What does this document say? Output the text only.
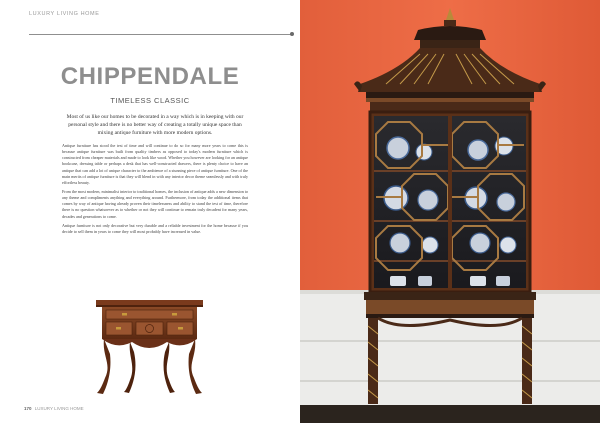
LUXURY LIVING HOME
CHIPPENDALE
TIMELESS CLASSIC
Most of us like our homes to be decorated in a way which is in keeping with our personal style and there is no better way of creating a totally unique space than mixing antique furniture with more modern options.

Antique furniture has stood the test of time and will continue to do so for many more years to come this is because antique furniture was built from quality timbers as opposed to today's modern furniture which is constructed from cheaper materials and made to look like wood. Whether you however are looking for an antique bookcase, dressing table or perhaps a desk that has well-constructed drawers, there is plenty choice to have an antique that can add a lot of unique character to the ambience of a stunning piece of antique furniture. One of the main merits of antique furniture is that they will blend in with any interior decor theme seamlessly and with truly effortless beauty.

From the most modern, minimalist interior to traditional homes, the inclusion of antique adds a new dimension to any theme and compliments anything and everything around. Furthermore, from today the additional items that comes by way of antique having already proven their timelessness and ability to stand the test of time, therefore there is no question whatsoever as to whether or not they will continue to remain truly decadent for many years, decades and generations to come.

Antique furniture is not only decorative but very durable and a reliable investment for the home because if you decide to sell them in years to come they will most probably have increased in value.

170 LUXURY LIVING HOME
